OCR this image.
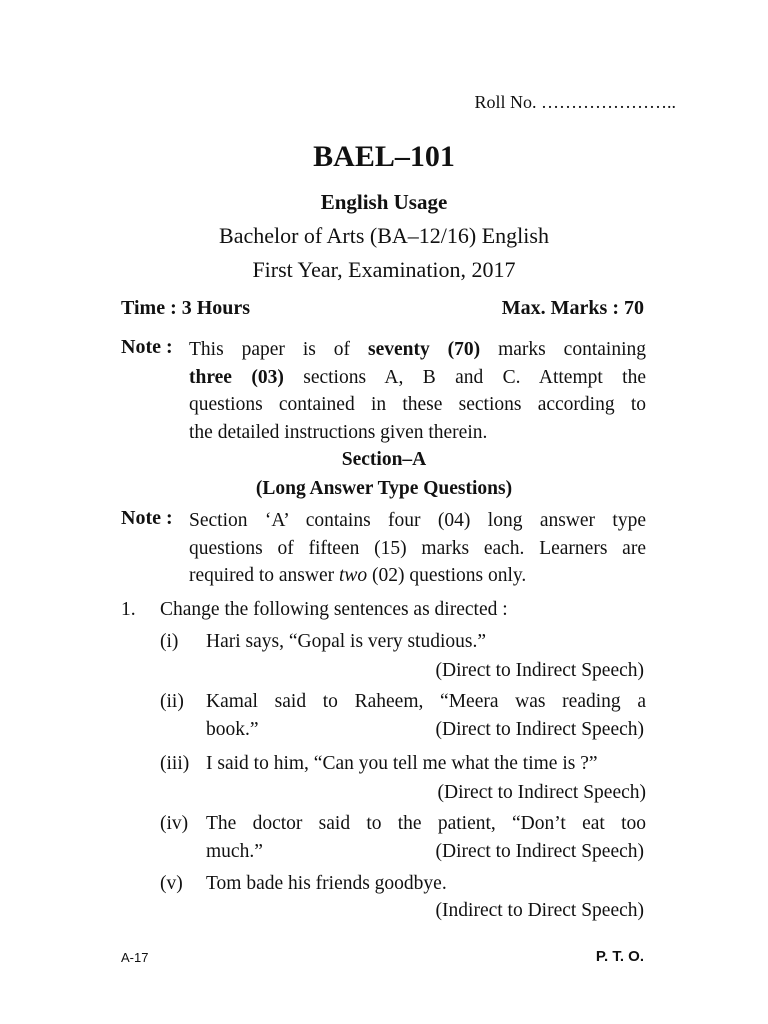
Roll No. …………………..
BAEL–101
English Usage
Bachelor of Arts (BA–12/16) English
First Year, Examination, 2017
Time : 3 Hours	Max. Marks : 70
Note : This paper is of seventy (70) marks containing
three (03) sections A, B and C. Attempt the
questions contained in these sections according to
the detailed instructions given therein.
Section–A
(Long Answer Type Questions)
Note : Section ‘A’ contains four (04) long answer type
questions of fifteen (15) marks each. Learners are
required to answer two (02) questions only.
1. Change the following sentences as directed :
(i) Hari says, “Gopal is very studious.”
(Direct to Indirect Speech)
(ii) Kamal said to Raheem, “Meera was reading a
book.”	(Direct to Indirect Speech)
(iii) I said to him, “Can you tell me what the time is ?”
(Direct to Indirect Speech)
(iv) The doctor said to the patient, “Don’t eat too
much.”	(Direct to Indirect Speech)
(v) Tom bade his friends goodbye.
(Indirect to Direct Speech)
A-17	P. T. O.
